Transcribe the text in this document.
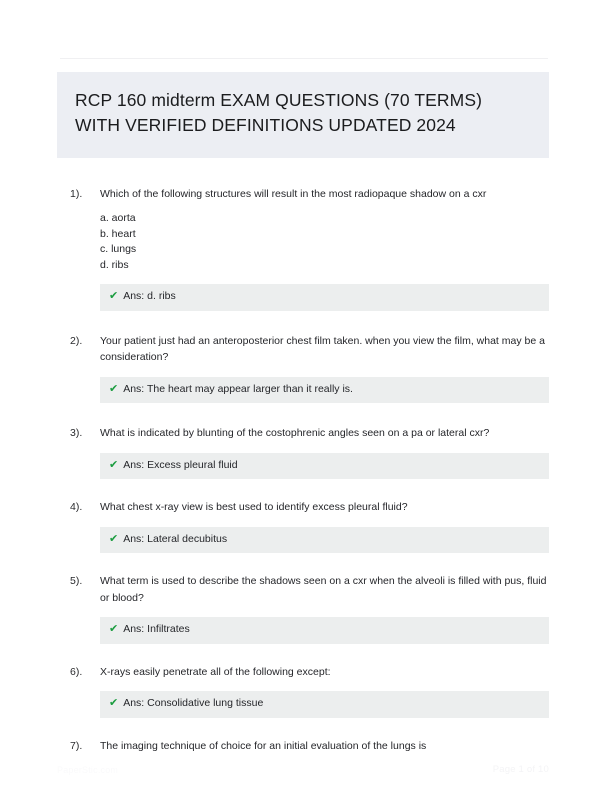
RCP 160 midterm EXAM QUESTIONS (70 TERMS) WITH VERIFIED DEFINITIONS UPDATED 2024
1).	Which of the following structures will result in the most radiopaque shadow on a cxr
a. aorta
b. heart
c. lungs
d. ribs
✔ Ans: d. ribs
2).	Your patient just had an anteroposterior chest film taken. when you view the film, what may be a consideration?
✔ Ans: The heart may appear larger than it really is.
3).	What is indicated by blunting of the costophrenic angles seen on a pa or lateral cxr?
✔ Ans: Excess pleural fluid
4).	What chest x-ray view is best used to identify excess pleural fluid?
✔ Ans: Lateral decubitus
5).	What term is used to describe the shadows seen on a cxr when the alveoli is filled with pus, fluid or blood?
✔ Ans: Infiltrates
6).	X-rays easily penetrate all of the following except:
✔ Ans: Consolidative lung tissue
7).	The imaging technique of choice for an initial evaluation of the lungs is
PaperStic.com	Page 1 of 10
